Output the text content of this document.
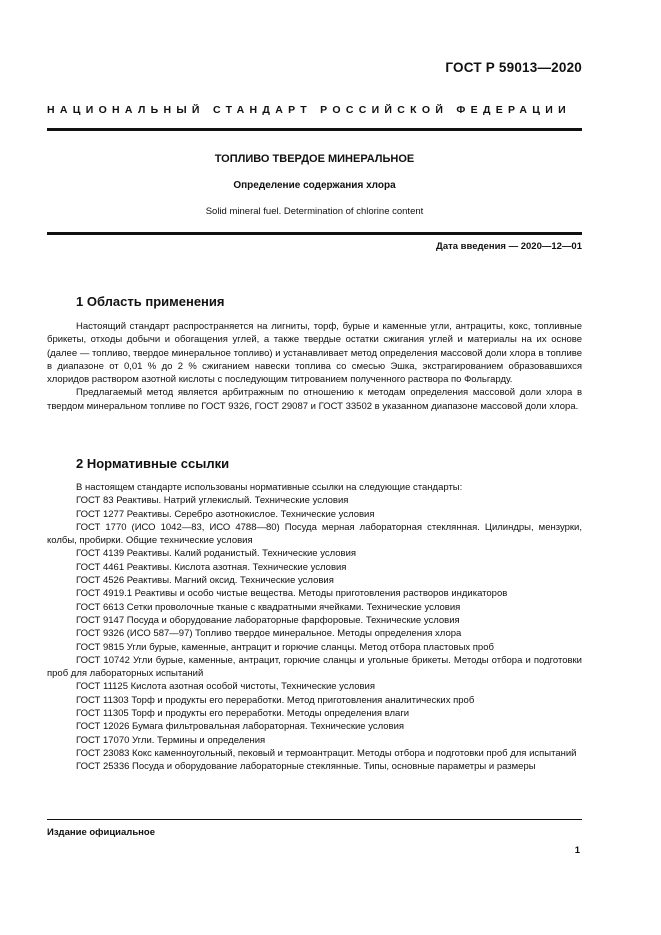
ГОСТ Р 59013—2020
НАЦИОНАЛЬНЫЙ СТАНДАРТ РОССИЙСКОЙ ФЕДЕРАЦИИ
ТОПЛИВО ТВЕРДОЕ МИНЕРАЛЬНОЕ
Определение содержания хлора
Solid mineral fuel. Determination of chlorine content
Дата введения — 2020—12—01
1 Область применения

Настоящий стандарт распространяется на лигниты, торф, бурые и каменные угли, антрациты, кокс, топливные брикеты, отходы добычи и обогащения углей, а также твердые остатки сжигания углей и материалы на их основе (далее — топливо, твердое минеральное топливо) и устанавливает метод определения массовой доли хлора в топливе в диапазоне от 0,01 % до 2 % сжиганием навески топлива со смесью Эшка, экстрагированием образовавшихся хлоридов раствором азотной кислоты с последующим титрованием полученного раствора по Фольгарду.

Предлагаемый метод является арбитражным по отношению к методам определения массовой доли хлора в твердом минеральном топливе по ГОСТ 9326, ГОСТ 29087 и ГОСТ 33502 в указанном диапазоне массовой доли хлора.

2 Нормативные ссылки

В настоящем стандарте использованы нормативные ссылки на следующие стандарты:

ГОСТ 83 Реактивы. Натрий углекислый. Технические условия
ГОСТ 1277 Реактивы. Серебро азотнокислое. Технические условия
ГОСТ 1770 (ИСО 1042—83, ИСО 4788—80) Посуда мерная лабораторная стеклянная. Цилиндры, мензурки, колбы, пробирки. Общие технические условия
ГОСТ 4139 Реактивы. Калий роданистый. Технические условия
ГОСТ 4461 Реактивы. Кислота азотная. Технические условия
ГОСТ 4526 Реактивы. Магний оксид. Технические условия
ГОСТ 4919.1 Реактивы и особо чистые вещества. Методы приготовления растворов индикаторов
ГОСТ 6613 Сетки проволочные тканые с квадратными ячейками. Технические условия
ГОСТ 9147 Посуда и оборудование лабораторные фарфоровые. Технические условия
ГОСТ 9326 (ИСО 587—97) Топливо твердое минеральное. Методы определения хлора
ГОСТ 9815 Угли бурые, каменные, антрацит и горючие сланцы. Метод отбора пластовых проб
ГОСТ 10742 Угли бурые, каменные, антрацит, горючие сланцы и угольные брикеты. Методы отбора и подготовки проб для лабораторных испытаний
ГОСТ 11125 Кислота азотная особой чистоты, Технические условия
ГОСТ 11303 Торф и продукты его переработки. Метод приготовления аналитических проб
ГОСТ 11305 Торф и продукты его переработки. Методы определения влаги
ГОСТ 12026 Бумага фильтровальная лабораторная. Технические условия
ГОСТ 17070 Угли. Термины и определения
ГОСТ 23083 Кокс каменноугольный, пековый и термоантрацит. Методы отбора и подготовки проб для испытаний
ГОСТ 25336 Посуда и оборудование лабораторные стеклянные. Типы, основные параметры и размеры
Издание официальное
1
